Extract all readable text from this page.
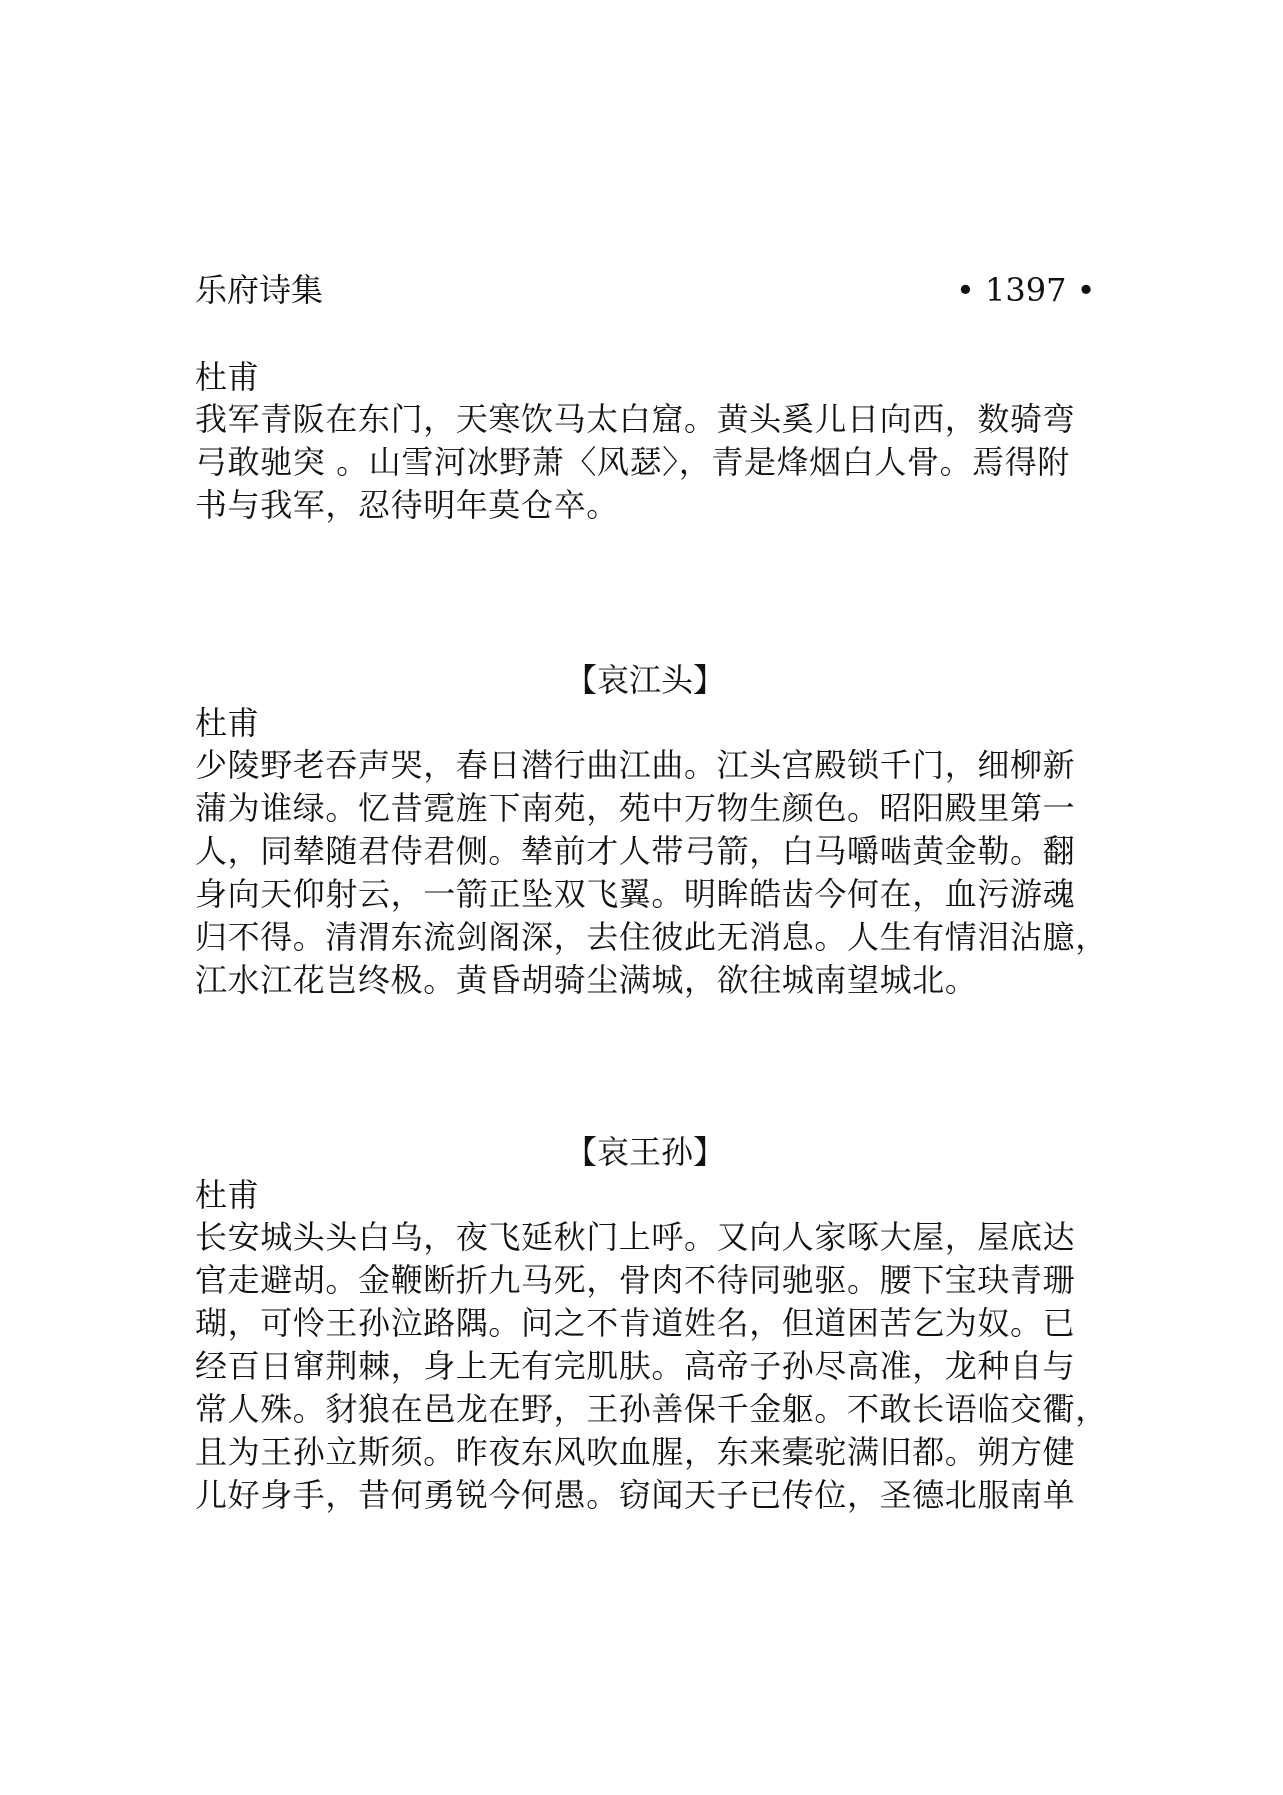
乐府诗集	• 1397 •

杜甫

我军青阪在东门，天寒饮马太白窟。黄头奚儿日向西，数骑弯

弓敢驰突 。山雪河冰野萧〈风瑟〉，青是烽烟白人骨。焉得附

书与我军，忍待明年莫仓卒。

【哀江头】

杜甫

少陵野老吞声哭，春日潜行曲江曲。江头宫殿锁千门，细柳新

蒲为谁绿。忆昔霓旌下南苑，苑中万物生颜色。昭阳殿里第一

人，同辇随君侍君侧。辇前才人带弓箭，白马嚼啮黄金勒。翻

身向天仰射云，一箭正坠双飞翼。明眸皓齿今何在，血污游魂

归不得。清渭东流剑阁深，去住彼此无消息。人生有情泪沾臆，

江水江花岂终极。黄昏胡骑尘满城，欲往城南望城北。

【哀王孙】

杜甫

长安城头头白乌，夜飞延秋门上呼。又向人家啄大屋，屋底达

官走避胡。金鞭断折九马死，骨肉不待同驰驱。腰下宝玦青珊

瑚，可怜王孙泣路隅。问之不肯道姓名，但道困苦乞为奴。已

经百日窜荆棘，身上无有完肌肤。高帝子孙尽高准，龙种自与

常人殊。豺狼在邑龙在野，王孙善保千金躯。不敢长语临交衢，

且为王孙立斯须。昨夜东风吹血腥，东来橐驼满旧都。朔方健

儿好身手，昔何勇锐今何愚。窃闻天子已传位，圣德北服南单
